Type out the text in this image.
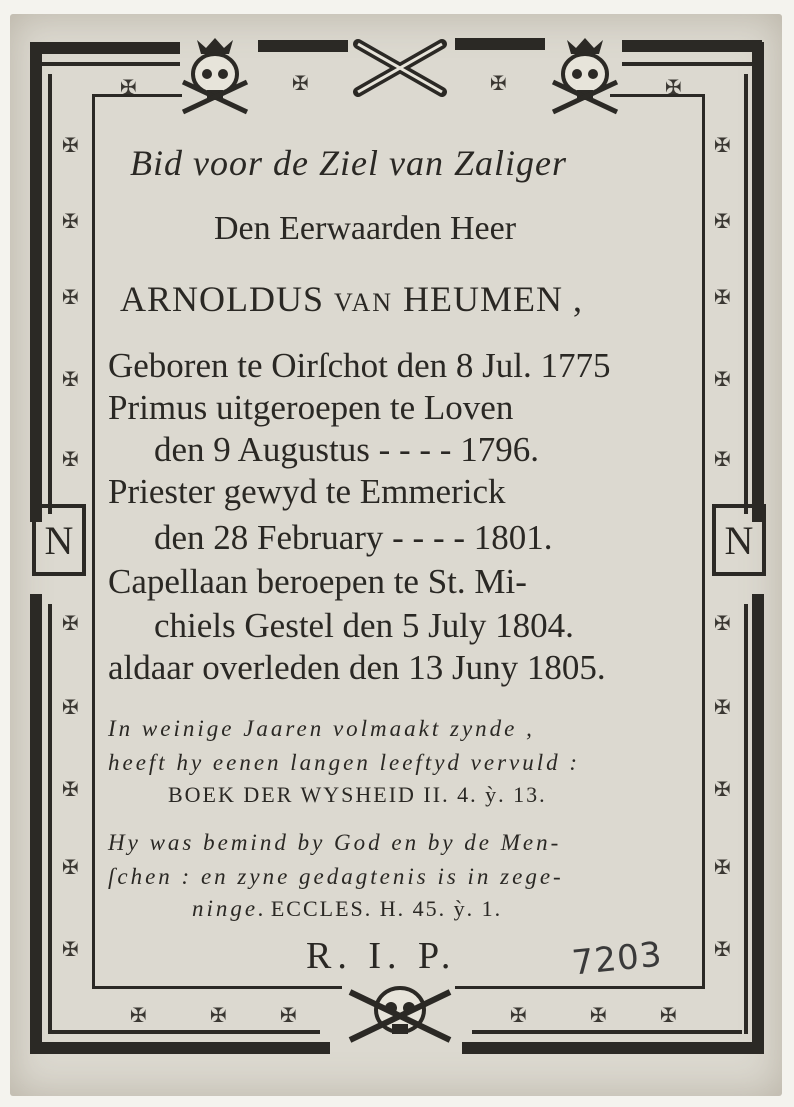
N	N
✠
✠
✠
✠
✠
✠
✠
✠
✠
✠
✠
✠
✠
✠
✠
✠
✠
✠
✠
✠
✠	✠	✠	✠
✠	✠	✠	✠	✠	✠
Bid voor de Ziel van Zaliger
Den Eerwaarden Heer
ARNOLDUS VAN HEUMEN ,
Geboren te Oirſchot den 8 Jul. 1775
Primus uitgeroepen te Loven
den 9 Augustus - - - - 1796.
Priester gewyd te Emmerick
den 28 February - - - - 1801.
Capellaan beroepen te St. Mi-
chiels Gestel den 5 July 1804.
aldaar overleden den 13 Juny 1805.
In weinige Jaaren volmaakt zynde ,
heeft hy eenen langen leeftyd vervuld :
BOEK DER WYSHEID II. 4. ỳ. 13.
Hy was bemind by God en by de Men-
ſchen : en zyne gedagtenis is in zege-
ninge. ECCLES. H. 45. ỳ. 1.
R. I. P.	7203
